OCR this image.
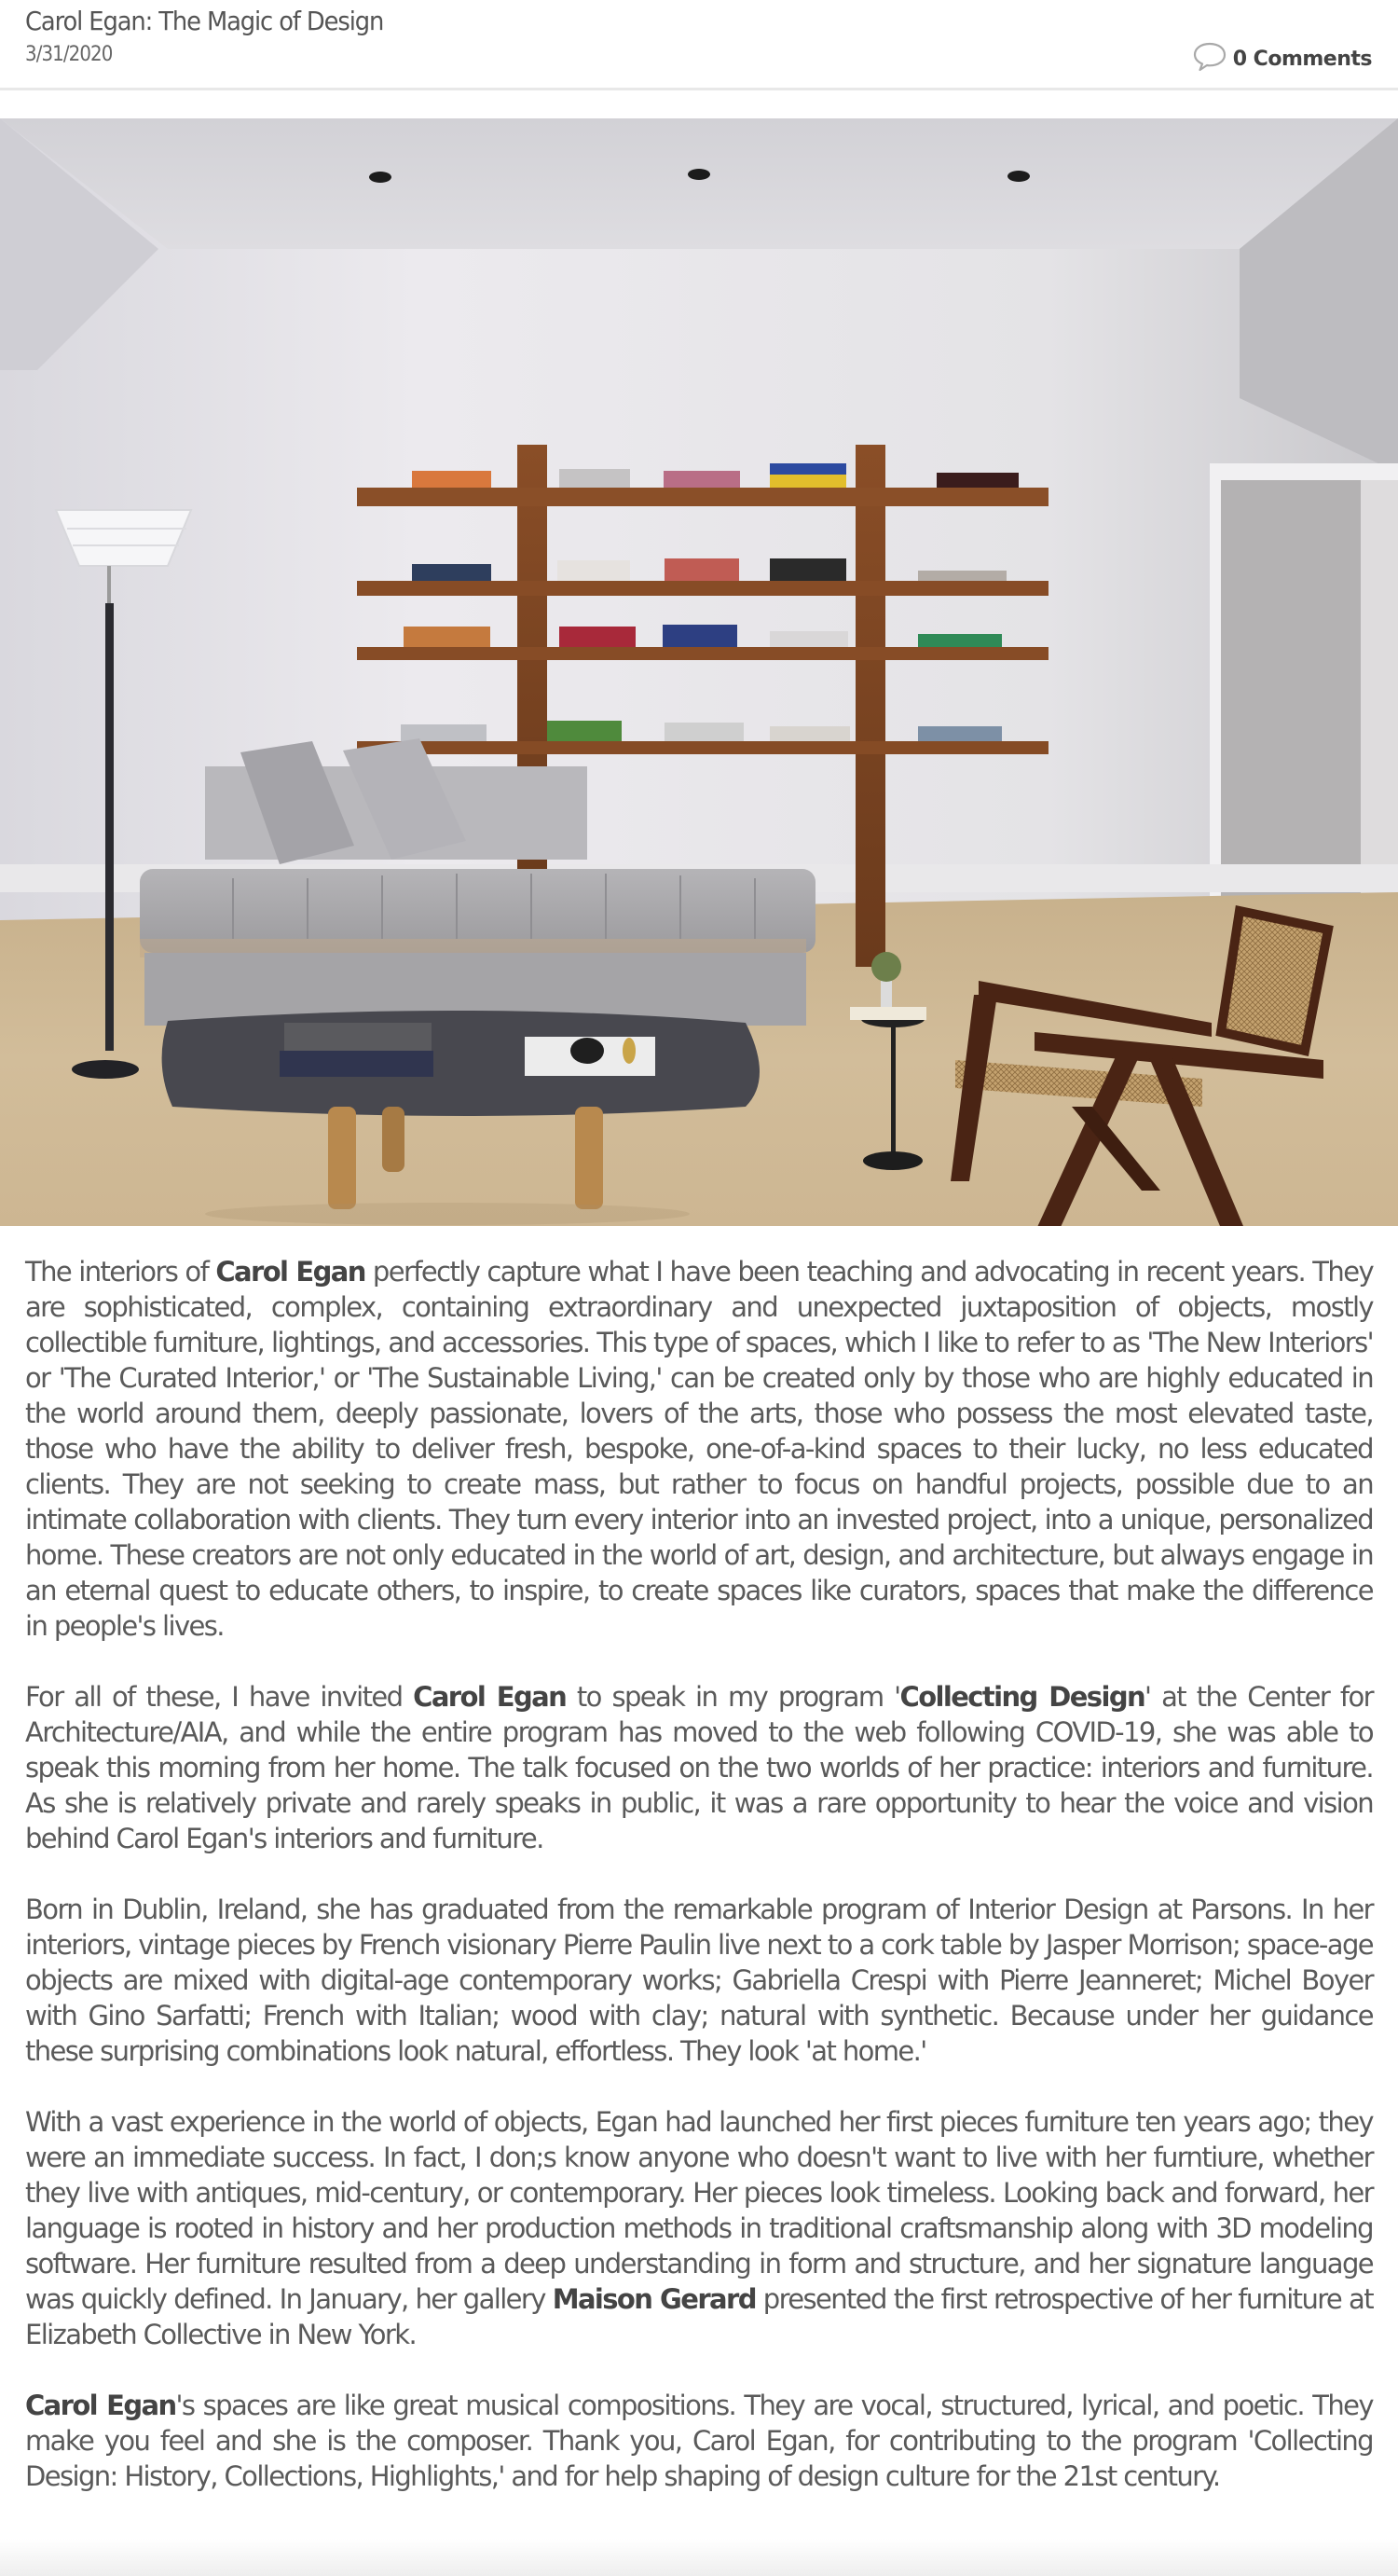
Carol Egan: The Magic of Design
3/31/2020	0 Comments

The interiors of Carol Egan perfectly capture what I have been teaching and advocating in recent years. They are sophisticated, complex, containing extraordinary and unexpected juxtaposition of objects, mostly collectible furniture, lightings, and accessories. This type of spaces, which I like to refer to as 'The New Interiors' or 'The Curated Interior,' or 'The Sustainable Living,' can be created only by those who are highly educated in the world around them, deeply passionate, lovers of the arts, those who possess the most elevated taste, those who have the ability to deliver fresh, bespoke, one-of-a-kind spaces to their lucky, no less educated clients. They are not seeking to create mass, but rather to focus on handful projects, possible due to an intimate collaboration with clients. They turn every interior into an invested project, into a unique, personalized home. These creators are not only educated in the world of art, design, and architecture, but always engage in an eternal quest to educate others, to inspire, to create spaces like curators, spaces that make the difference in people's lives.

For all of these, I have invited Carol Egan to speak in my program 'Collecting Design' at the Center for Architecture/AIA, and while the entire program has moved to the web following COVID-19, she was able to speak this morning from her home. The talk focused on the two worlds of her practice: interiors and furniture. As she is relatively private and rarely speaks in public, it was a rare opportunity to hear the voice and vision behind Carol Egan's interiors and furniture.

Born in Dublin, Ireland, she has graduated from the remarkable program of Interior Design at Parsons. In her interiors, vintage pieces by French visionary Pierre Paulin live next to a cork table by Jasper Morrison; space-age objects are mixed with digital-age contemporary works; Gabriella Crespi with Pierre Jeanneret; Michel Boyer with Gino Sarfatti; French with Italian; wood with clay; natural with synthetic. Because under her guidance these surprising combinations look natural, effortless. They look 'at home.'

With a vast experience in the world of objects, Egan had launched her first pieces furniture ten years ago; they were an immediate success. In fact, I don;s know anyone who doesn't want to live with her furntiure, whether they live with antiques, mid-century, or contemporary. Her pieces look timeless. Looking back and forward, her language is rooted in history and her production methods in traditional craftsmanship along with 3D modeling software. Her furniture resulted from a deep understanding in form and structure, and her signature language was quickly defined. In January, her gallery Maison Gerard presented the first retrospective of her furniture at Elizabeth Collective in New York.

Carol Egan's spaces are like great musical compositions. They are vocal, structured, lyrical, and poetic. They make you feel and she is the composer. Thank you, Carol Egan, for contributing to the program 'Collecting Design: History, Collections, Highlights,' and for help shaping of design culture for the 21st century.
